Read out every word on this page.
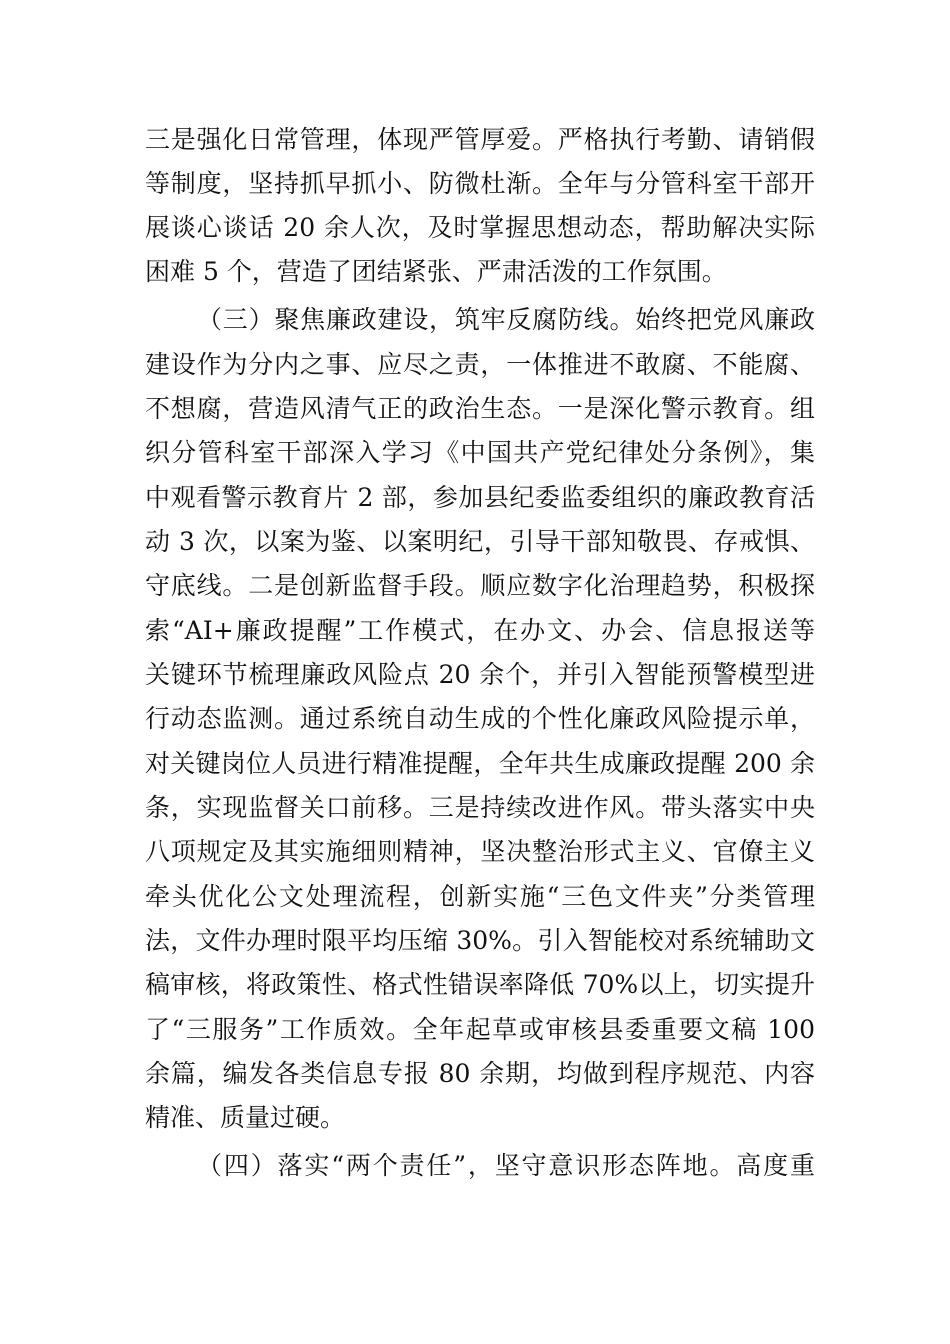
三是强化日常管理，体现严管厚爱。严格执行考勤、请销假
等制度，坚持抓早抓小、防微杜渐。全年与分管科室干部开
展谈心谈话 20 余人次，及时掌握思想动态，帮助解决实际
困难 5 个，营造了团结紧张、严肃活泼的工作氛围。
（三）聚焦廉政建设，筑牢反腐防线。始终把党风廉政
建设作为分内之事、应尽之责，一体推进不敢腐、不能腐、
不想腐，营造风清气正的政治生态。一是深化警示教育。组
织分管科室干部深入学习《中国共产党纪律处分条例》，集
中观看警示教育片 2 部，参加县纪委监委组织的廉政教育活
动 3 次，以案为鉴、以案明纪，引导干部知敬畏、存戒惧、
守底线。二是创新监督手段。顺应数字化治理趋势，积极探
索“AI+廉政提醒”工作模式，在办文、办会、信息报送等
关键环节梳理廉政风险点 20 余个，并引入智能预警模型进
行动态监测。通过系统自动生成的个性化廉政风险提示单，
对关键岗位人员进行精准提醒，全年共生成廉政提醒 200 余
条，实现监督关口前移。三是持续改进作风。带头落实中央
八项规定及其实施细则精神，坚决整治形式主义、官僚主义
牵头优化公文处理流程，创新实施“三色文件夹”分类管理
法，文件办理时限平均压缩 30%。引入智能校对系统辅助文
稿审核，将政策性、格式性错误率降低 70%以上，切实提升
了“三服务”工作质效。全年起草或审核县委重要文稿 100
余篇，编发各类信息专报 80 余期，均做到程序规范、内容
精准、质量过硬。
（四）落实“两个责任”，坚守意识形态阵地。高度重
